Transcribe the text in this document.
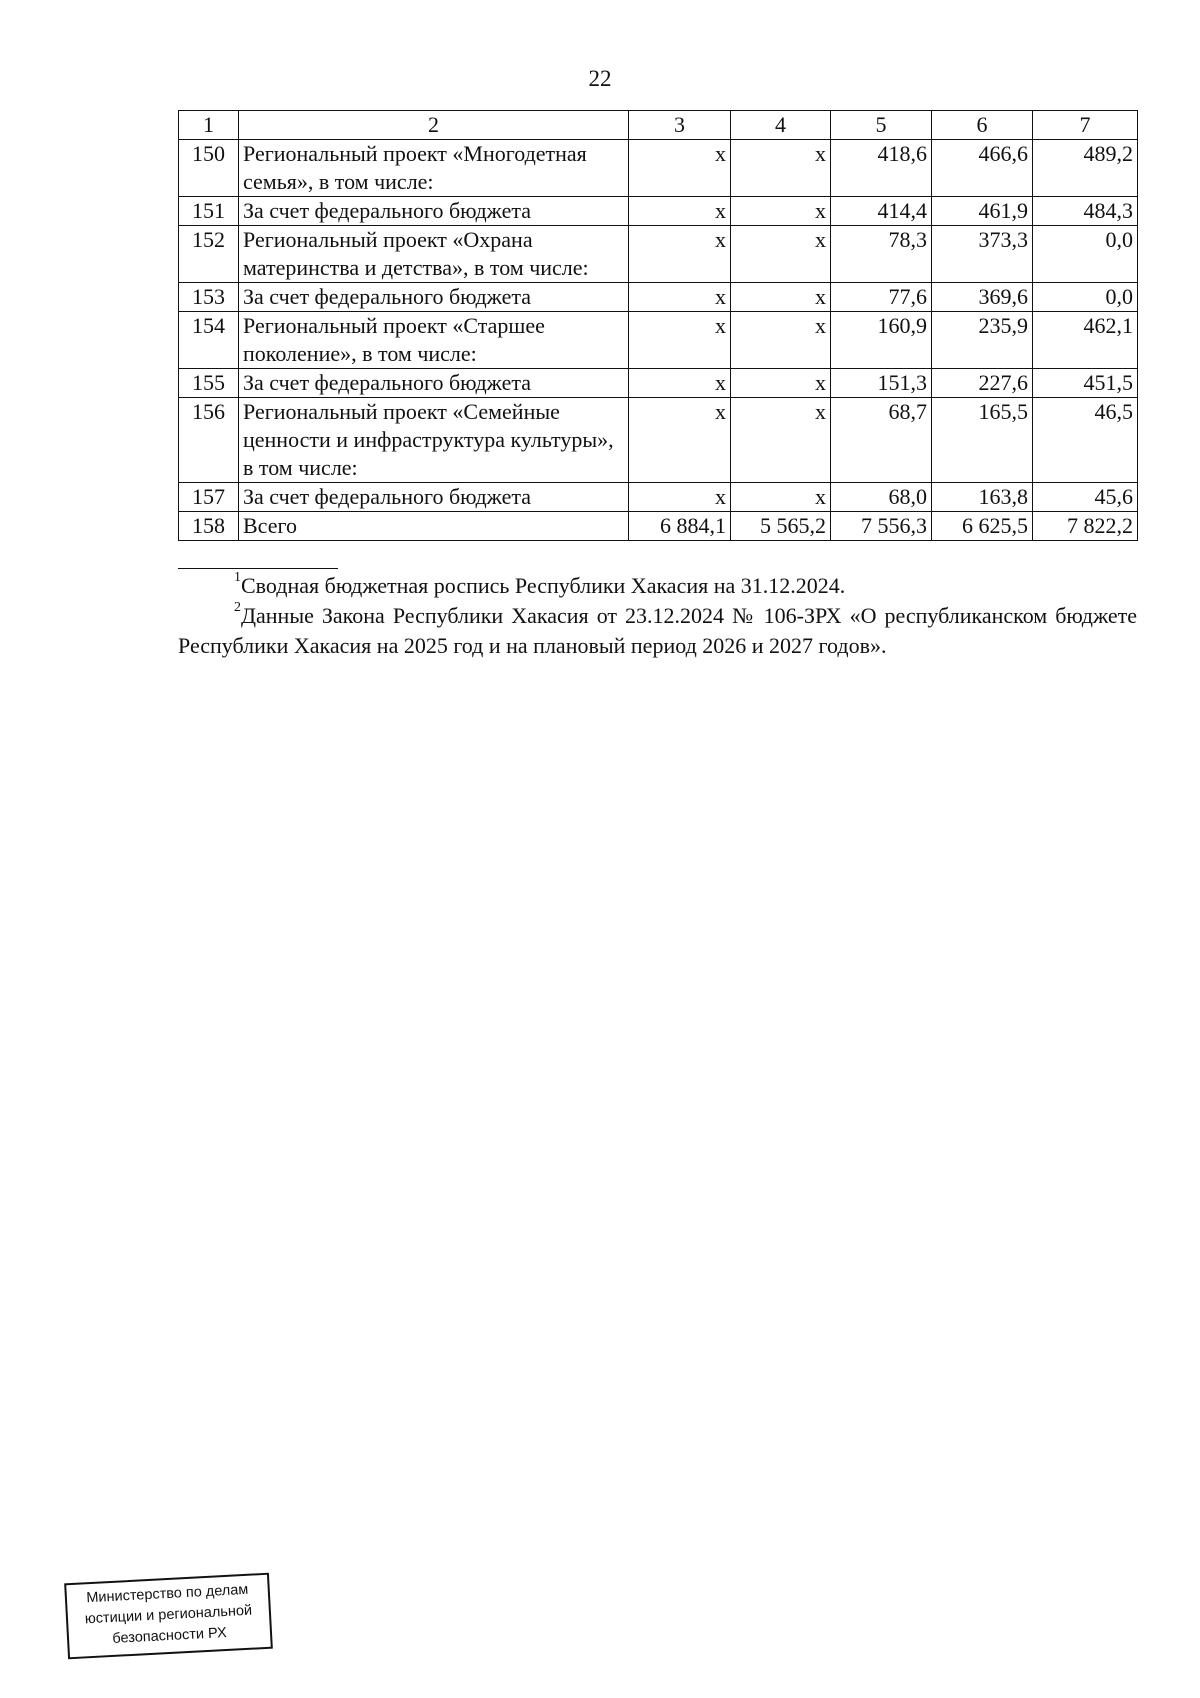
22
1	2	3	4	5	6	7
150	Региональный проект «Многодетная семья», в том числе:	х	х	418,6	466,6	489,2
151	За счет федерального бюджета	х	х	414,4	461,9	484,3
152	Региональный проект «Охрана материнства и детства», в том числе:	х	х	78,3	373,3	0,0
153	За счет федерального бюджета	х	х	77,6	369,6	0,0
154	Региональный проект «Старшее поколение», в том числе:	х	х	160,9	235,9	462,1
155	За счет федерального бюджета	х	х	151,3	227,6	451,5
156	Региональный проект «Семейные ценности и инфраструктура культуры», в том числе:	х	х	68,7	165,5	46,5
157	За счет федерального бюджета	х	х	68,0	163,8	45,6
158	Всего	6 884,1	5 565,2	7 556,3	6 625,5	7 822,2

$^1$Сводная бюджетная роспись Республики Хакасия на 31.12.2024.

$^2$Данные Закона Республики Хакасия от 23.12.2024 № 106-ЗРХ «О республиканском бюджете Республики Хакасия на 2025 год и на плановый период 2026 и 2027 годов».

Министерство по делам
юстиции и региональной
безопасности РХ
